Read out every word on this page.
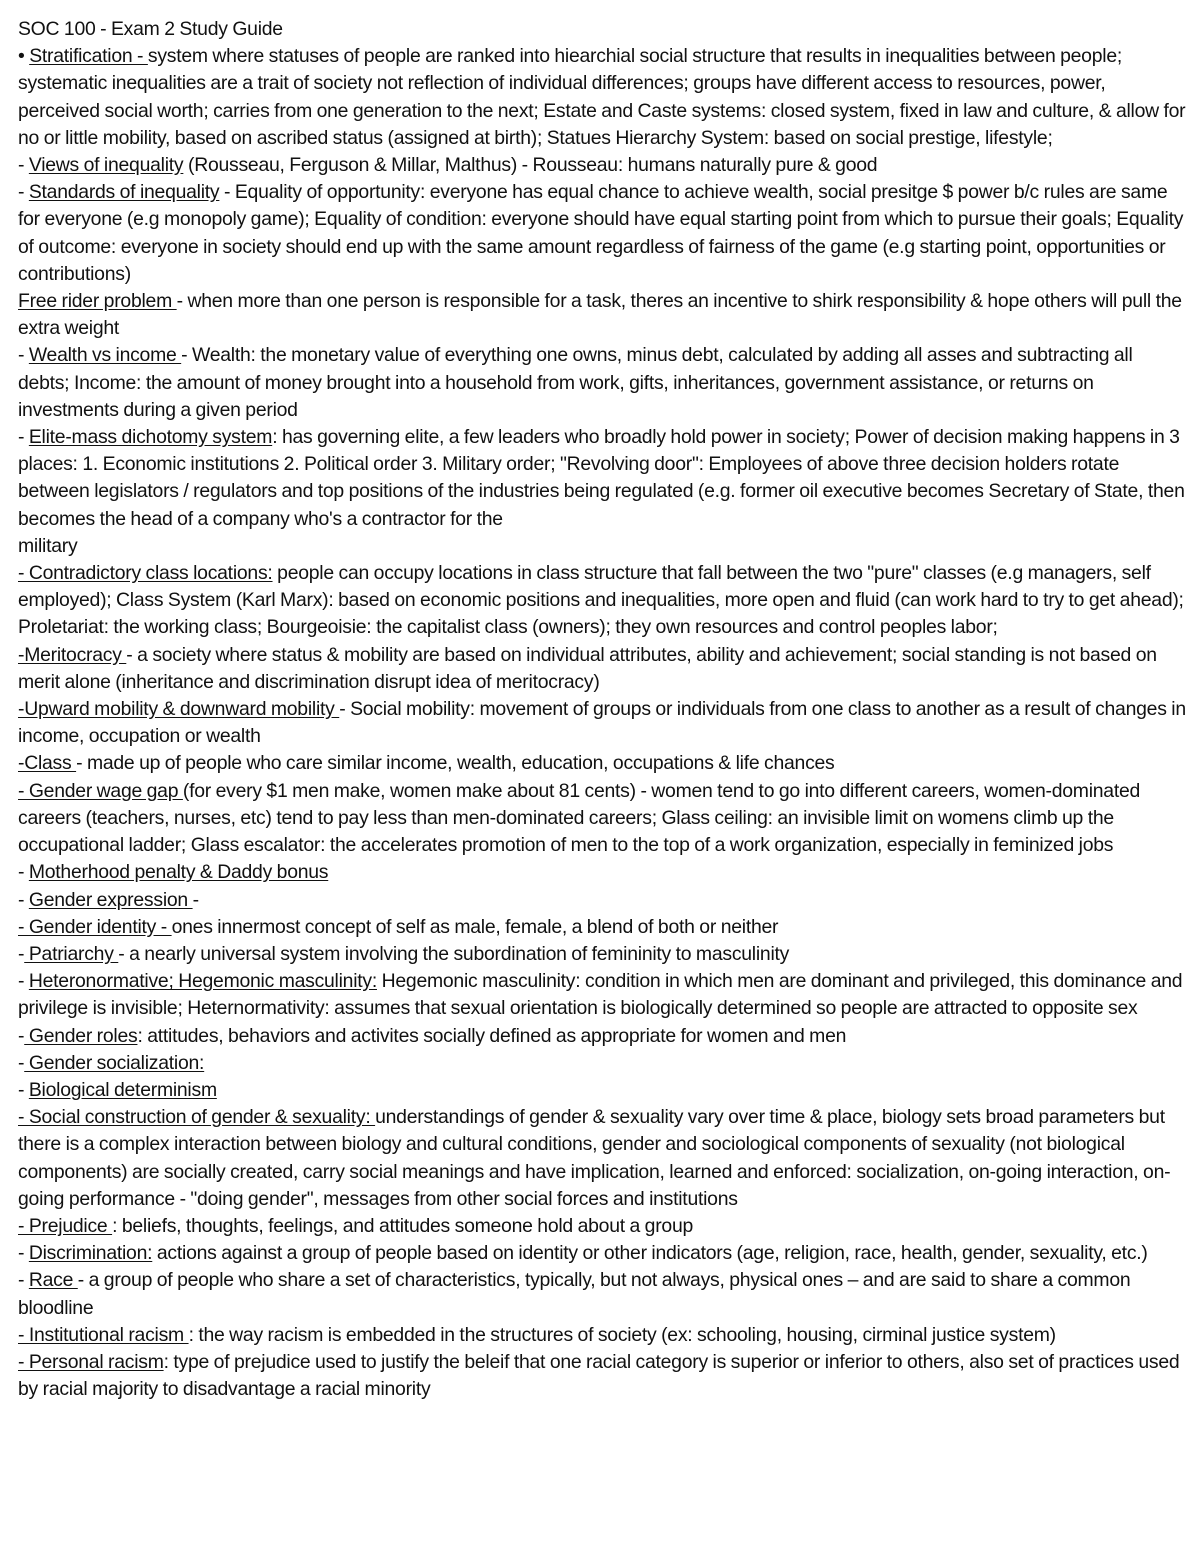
SOC 100 - Exam 2 Study Guide

• Stratification - system where statuses of people are ranked into hiearchial social structure that results in inequalities between people; systematic inequalities are a trait of society not reflection of individual differences; groups have different access to resources, power, perceived social worth; carries from one generation to the next; Estate and Caste systems: closed system, fixed in law and culture, & allow for no or little mobility, based on ascribed status (assigned at birth); Statues Hierarchy System: based on social prestige, lifestyle;

- Views of inequality (Rousseau, Ferguson & Millar, Malthus) - Rousseau: humans naturally pure & good

- Standards of inequality - Equality of opportunity: everyone has equal chance to achieve wealth, social presitge $ power b/c rules are same for everyone (e.g monopoly game); Equality of condition: everyone should have equal starting point from which to pursue their goals; Equality of outcome: everyone in society should end up with the same amount regardless of fairness of the game (e.g starting point, opportunities or contributions)

Free rider problem - when more than one person is responsible for a task, theres an incentive to shirk responsibility & hope others will pull the extra weight

- Wealth vs income - Wealth: the monetary value of everything one owns, minus debt, calculated by adding all asses and subtracting all debts; Income: the amount of money brought into a household from work, gifts, inheritances, government assistance, or returns on investments during a given period

- Elite-mass dichotomy system: has governing elite, a few leaders who broadly hold power in society; Power of decision making happens in 3 places: 1. Economic institutions 2. Political order 3. Military order; "Revolving door": Employees of above three decision holders rotate between legislators / regulators and top positions of the industries being regulated (e.g. former oil executive becomes Secretary of State, then becomes the head of a company who's a contractor for the

military

- Contradictory class locations: people can occupy locations in class structure that fall between the two "pure" classes (e.g managers, self employed); Class System (Karl Marx): based on economic positions and inequalities, more open and fluid (can work hard to try to get ahead); Proletariat: the working class; Bourgeoisie: the capitalist class (owners); they own resources and control peoples labor;

-Meritocracy - a society where status & mobility are based on individual attributes, ability and achievement; social standing is not based on merit alone (inheritance and discrimination disrupt idea of meritocracy)

-Upward mobility & downward mobility - Social mobility: movement of groups or individuals from one class to another as a result of changes in income, occupation or wealth

-Class - made up of people who care similar income, wealth, education, occupations & life chances

- Gender wage gap (for every $1 men make, women make about 81 cents) - women tend to go into different careers, women-dominated careers (teachers, nurses, etc) tend to pay less than men-dominated careers; Glass ceiling: an invisible limit on womens climb up the occupational ladder; Glass escalator: the accelerates promotion of men to the top of a work organization, especially in feminized jobs

- Motherhood penalty & Daddy bonus

- Gender expression -

- Gender identity - ones innermost concept of self as male, female, a blend of both or neither

- Patriarchy - a nearly universal system involving the subordination of femininity to masculinity

- Heteronormative; Hegemonic masculinity: Hegemonic masculinity: condition in which men are dominant and privileged, this dominance and privilege is invisible; Heternormativity: assumes that sexual orientation is biologically determined so people are attracted to opposite sex

- Gender roles: attitudes, behaviors and activites socially defined as appropriate for women and men

- Gender socialization:

- Biological determinism

- Social construction of gender & sexuality: understandings of gender & sexuality vary over time & place, biology sets broad parameters but there is a complex interaction between biology and cultural conditions, gender and sociological components of sexuality (not biological components) are socially created, carry social meanings and have implication, learned and enforced: socialization, on-going interaction, on-going performance - "doing gender", messages from other social forces and institutions

- Prejudice : beliefs, thoughts, feelings, and attitudes someone hold about a group

- Discrimination: actions against a group of people based on identity or other indicators (age, religion, race, health, gender, sexuality, etc.)

- Race - a group of people who share a set of characteristics, typically, but not always, physical ones – and are said to share a common bloodline

- Institutional racism : the way racism is embedded in the structures of society (ex: schooling, housing, cirminal justice system)

- Personal racism: type of prejudice used to justify the beleif that one racial category is superior or inferior to others, also set of practices used by racial majority to disadvantage a racial minority
